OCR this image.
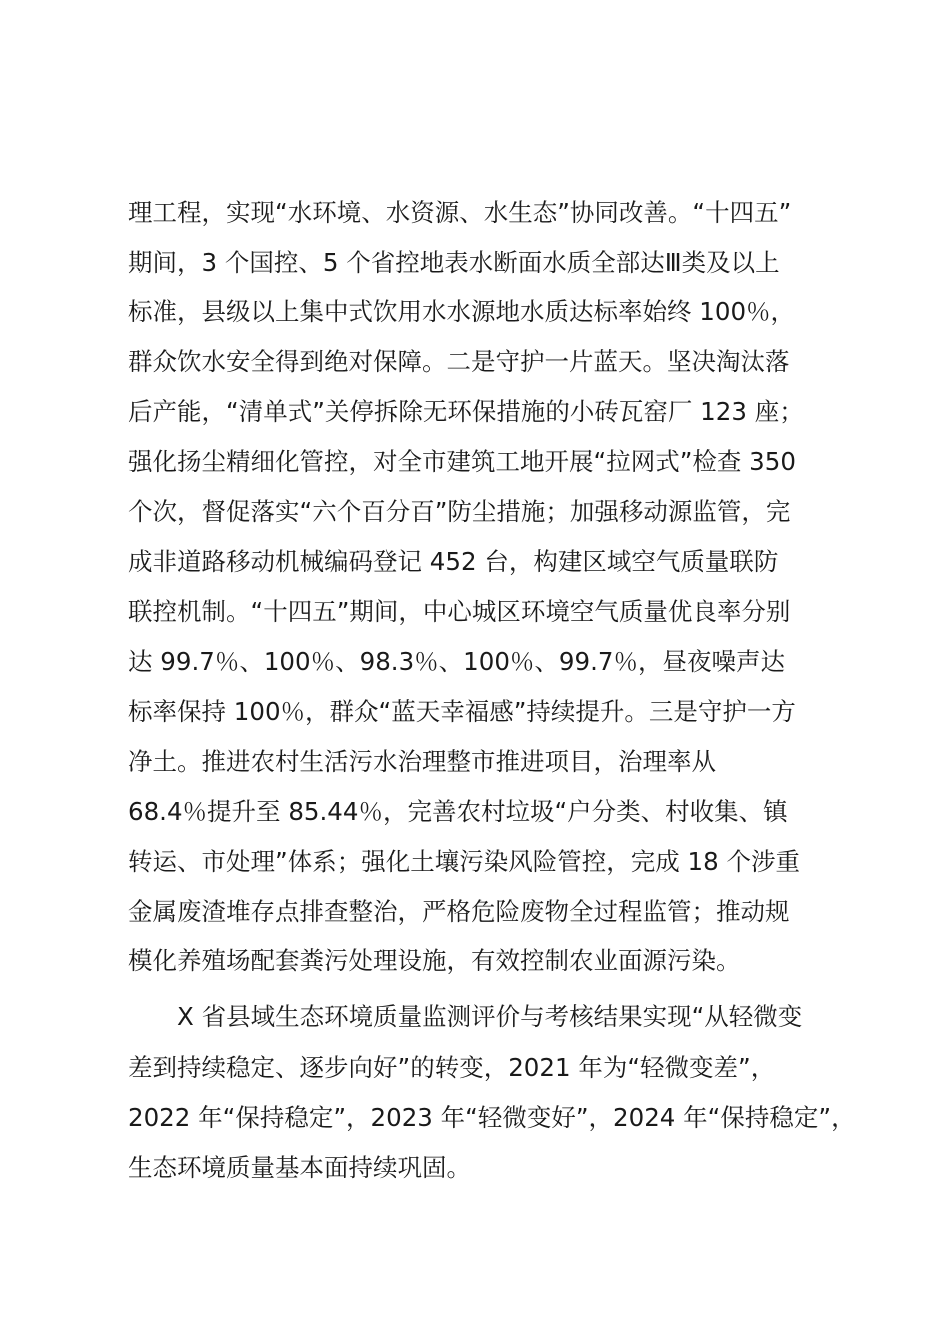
理工程，实现“水环境、水资源、水生态”协同改善。“十四五”
期间，3 个国控、5 个省控地表水断面水质全部达Ⅲ类及以上
标准，县级以上集中式饮用水水源地水质达标率始终 100％，
群众饮水安全得到绝对保障。二是守护一片蓝天。坚决淘汰落
后产能，“清单式”关停拆除无环保措施的小砖瓦窑厂 123 座；
强化扬尘精细化管控，对全市建筑工地开展“拉网式”检查 350
个次，督促落实“六个百分百”防尘措施；加强移动源监管，完
成非道路移动机械编码登记 452 台，构建区域空气质量联防
联控机制。“十四五”期间，中心城区环境空气质量优良率分别
达 99.7％、100％、98.3％、100％、99.7％，昼夜噪声达
标率保持 100％，群众“蓝天幸福感”持续提升。三是守护一方
净土。推进农村生活污水治理整市推进项目，治理率从
68.4％提升至 85.44％，完善农村垃圾“户分类、村收集、镇
转运、市处理”体系；强化土壤污染风险管控，完成 18 个涉重
金属废渣堆存点排查整治，严格危险废物全过程监管；推动规
模化养殖场配套粪污处理设施，有效控制农业面源污染。
X 省县域生态环境质量监测评价与考核结果实现“从轻微变
差到持续稳定、逐步向好”的转变，2021 年为“轻微变差”，
2022 年“保持稳定”，2023 年“轻微变好”，2024 年“保持稳定”，
生态环境质量基本面持续巩固。
